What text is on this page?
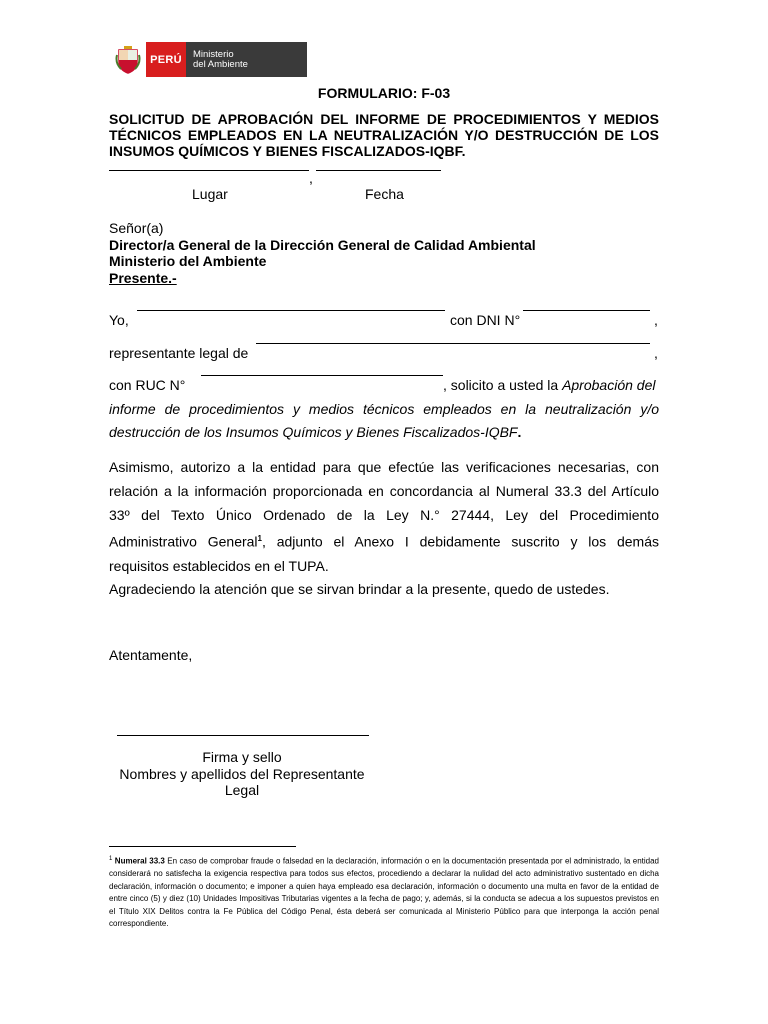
PERÚ	Ministerio
del Ambiente
FORMULARIO: F-03
SOLICITUD DE APROBACIÓN DEL INFORME DE PROCEDIMIENTOS Y MEDIOS TÉCNICOS EMPLEADOS EN LA NEUTRALIZACIÓN Y/O DESTRUCCIÓN DE LOS INSUMOS QUÍMICOS Y BIENES FISCALIZADOS-IQBF.
,
Lugar	Fecha
Señor(a)
Director/a General de la Dirección General de Calidad Ambiental
Ministerio del Ambiente
Presente.-
Yo,	con DNI N°	,
representante legal de	,
con RUC N°	, solicito a usted la Aprobación del
informe de procedimientos y medios técnicos empleados en la neutralización y/o
destrucción de los Insumos Químicos y Bienes Fiscalizados-IQBF.
Asimismo, autorizo a la entidad para que efectúe las verificaciones necesarias, con
relación a la información proporcionada en concordancia al Numeral 33.3 del Artículo
33º del Texto Único Ordenado de la Ley N.° 27444, Ley del Procedimiento
Administrativo General$^1$, adjunto el Anexo I debidamente suscrito y los demás
requisitos establecidos en el TUPA.
Agradeciendo la atención que se sirvan brindar a la presente, quedo de ustedes.
Atentamente,
Firma y sello
Nombres y apellidos del Representante
Legal
$^1$ Numeral 33.3 En caso de comprobar fraude o falsedad en la declaración, información o en la documentación presentada por el administrado, la entidad considerará no satisfecha la exigencia respectiva para todos sus efectos, procediendo a declarar la nulidad del acto administrativo sustentado en dicha declaración, información o documento; e imponer a quien haya empleado esa declaración, información o documento una multa en favor de la entidad de entre cinco (5) y diez (10) Unidades Impositivas Tributarias vigentes a la fecha de pago; y, además, si la conducta se adecua a los supuestos previstos en el Título XIX Delitos contra la Fe Pública del Código Penal, ésta deberá ser comunicada al Ministerio Público para que interponga la acción penal correspondiente.
